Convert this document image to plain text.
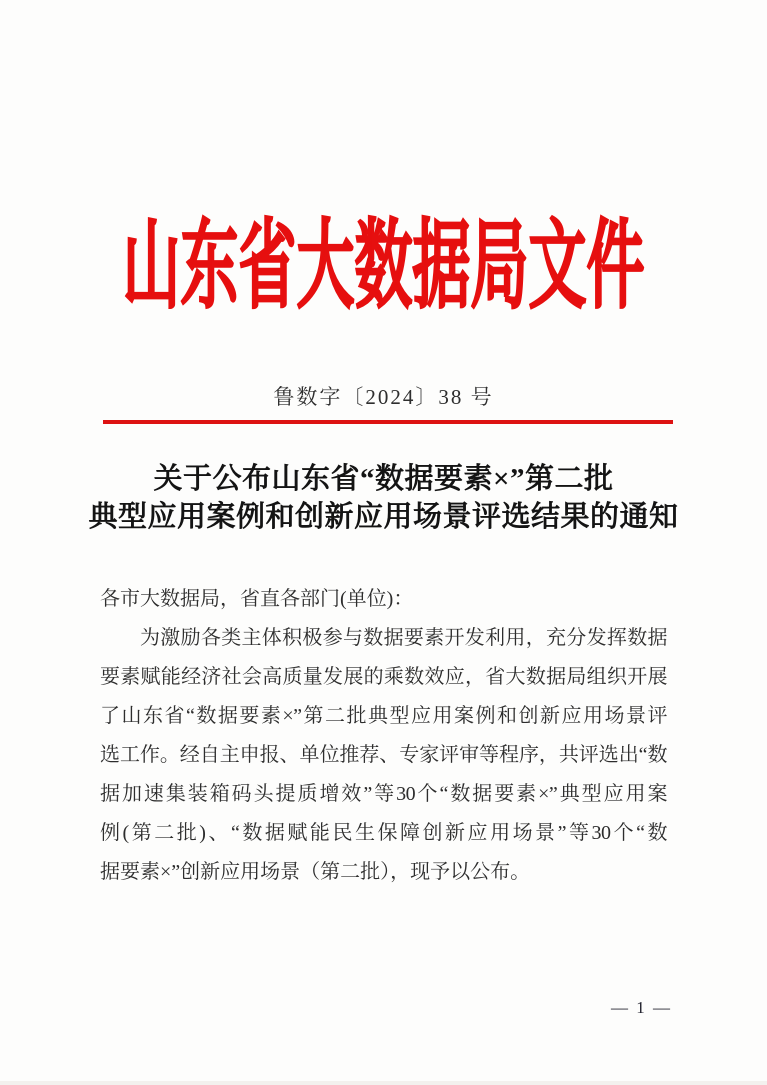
山东省大数据局文件
鲁数字〔2024〕38 号
关于公布山东省“数据要素×”第二批
典型应用案例和创新应用场景评选结果的通知
各市大数据局，省直各部门(单位)：
为激励各类主体积极参与数据要素开发利用，充分发挥数据
要素赋能经济社会高质量发展的乘数效应，省大数据局组织开展
了山东省“数据要素×”第二批典型应用案例和创新应用场景评
选工作。经自主申报、单位推荐、专家评审等程序，共评选出“数
据加速集装箱码头提质增效”等30个“数据要素×”典型应用案
例(第二批)、“数据赋能民生保障创新应用场景”等30个“数
据要素×”创新应用场景（第二批），现予以公布。
— 1 —
